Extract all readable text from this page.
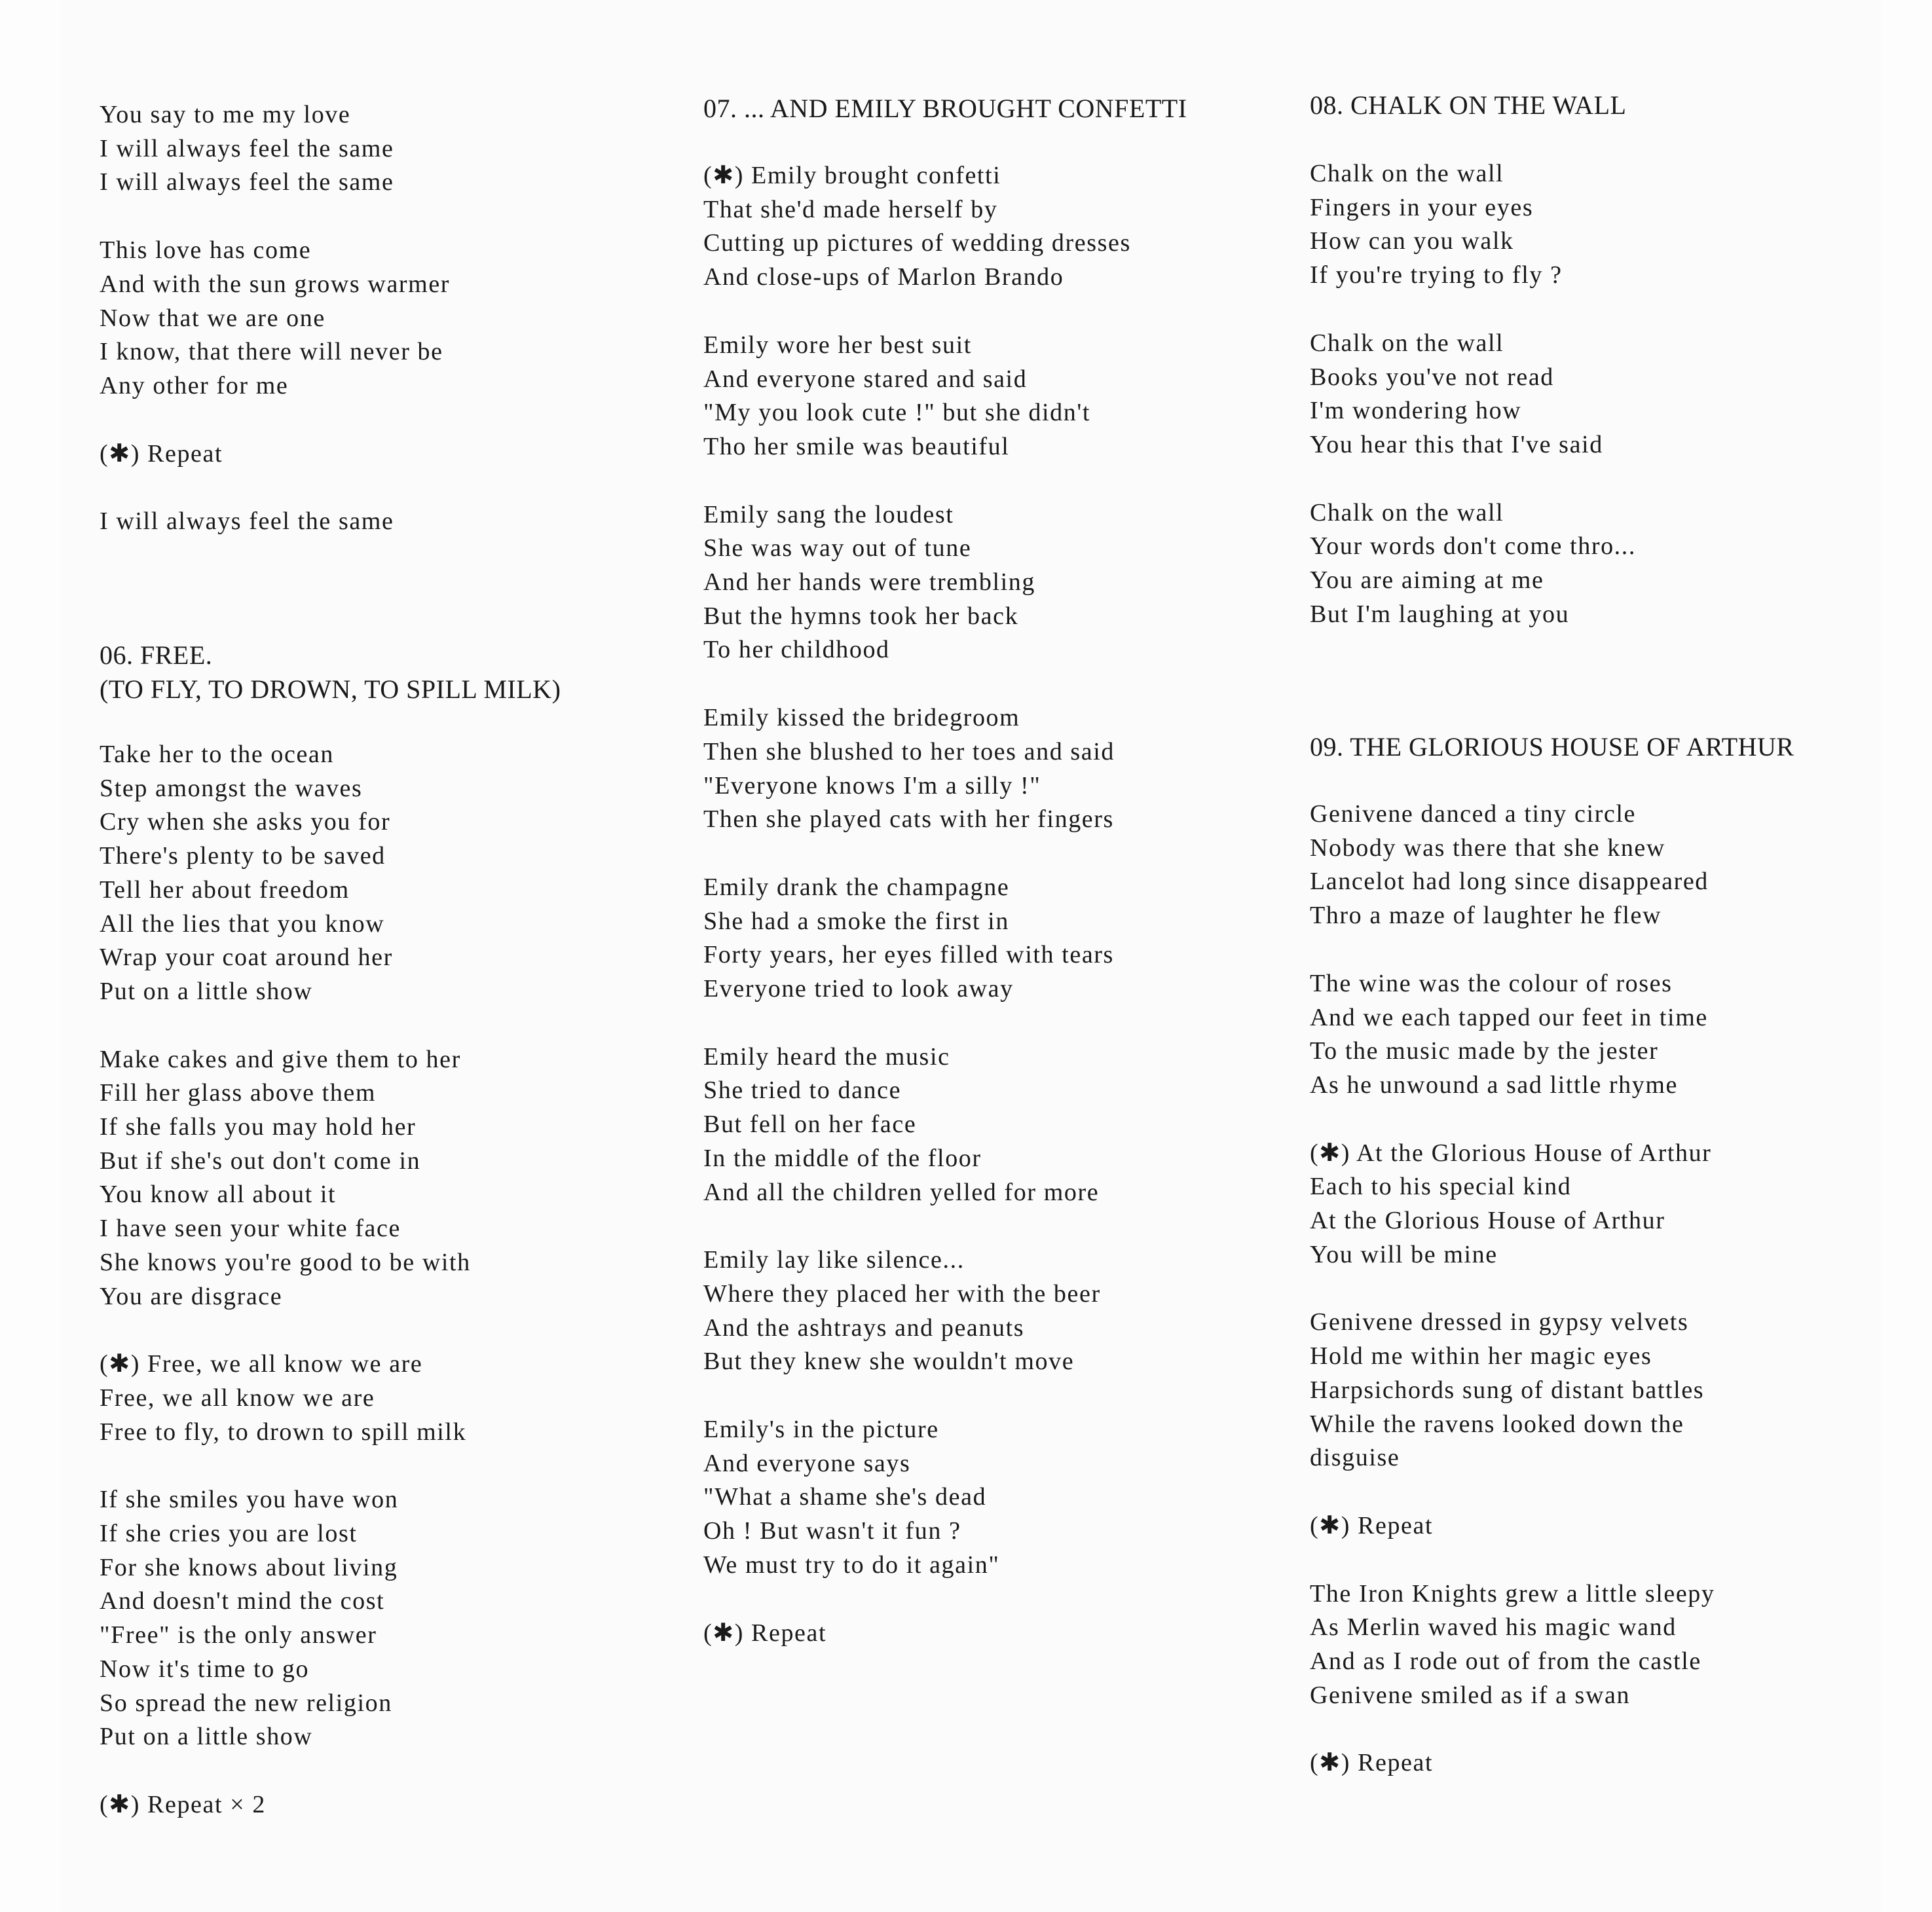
You say to me my love
I will always feel the same
I will always feel the same
This love has come
And with the sun grows warmer
Now that we are one
I know, that there will never be
Any other for me
(✱) Repeat
I will always feel the same
06. FREE.
(TO FLY, TO DROWN, TO SPILL MILK)
Take her to the ocean
Step amongst the waves
Cry when she asks you for
There's plenty to be saved
Tell her about freedom
All the lies that you know
Wrap your coat around her
Put on a little show
Make cakes and give them to her
Fill her glass above them
If she falls you may hold her
But if she's out don't come in
You know all about it
I have seen your white face
She knows you're good to be with
You are disgrace
(✱) Free, we all know we are
Free, we all know we are
Free to fly, to drown to spill milk
If she smiles you have won
If she cries you are lost
For she knows about living
And doesn't mind the cost
"Free" is the only answer
Now it's time to go
So spread the new religion
Put on a little show
(✱) Repeat × 2
07. ... AND EMILY BROUGHT CONFETTI
(✱) Emily brought confetti
That she'd made herself by
Cutting up pictures of wedding dresses
And close-ups of Marlon Brando
Emily wore her best suit
And everyone stared and said
"My you look cute !" but she didn't
Tho her smile was beautiful
Emily sang the loudest
She was way out of tune
And her hands were trembling
But the hymns took her back
To her childhood
Emily kissed the bridegroom
Then she blushed to her toes and said
"Everyone knows I'm a silly !"
Then she played cats with her fingers
Emily drank the champagne
She had a smoke the first in
Forty years, her eyes filled with tears
Everyone tried to look away
Emily heard the music
She tried to dance
But fell on her face
In the middle of the floor
And all the children yelled for more
Emily lay like silence...
Where they placed her with the beer
And the ashtrays and peanuts
But they knew she wouldn't move
Emily's in the picture
And everyone says
"What a shame she's dead
Oh ! But wasn't it fun ?
We must try to do it again"
(✱) Repeat
08. CHALK ON THE WALL
Chalk on the wall
Fingers in your eyes
How can you walk
If you're trying to fly ?
Chalk on the wall
Books you've not read
I'm wondering how
You hear this that I've said
Chalk on the wall
Your words don't come thro...
You are aiming at me
But I'm laughing at you
09. THE GLORIOUS HOUSE OF ARTHUR
Genivene danced a tiny circle
Nobody was there that she knew
Lancelot had long since disappeared
Thro a maze of laughter he flew
The wine was the colour of roses
And we each tapped our feet in time
To the music made by the jester
As he unwound a sad little rhyme
(✱) At the Glorious House of Arthur
Each to his special kind
At the Glorious House of Arthur
You will be mine
Genivene dressed in gypsy velvets
Hold me within her magic eyes
Harpsichords sung of distant battles
While the ravens looked down the
disguise
(✱) Repeat
The Iron Knights grew a little sleepy
As Merlin waved his magic wand
And as I rode out of from the castle
Genivene smiled as if a swan
(✱) Repeat
